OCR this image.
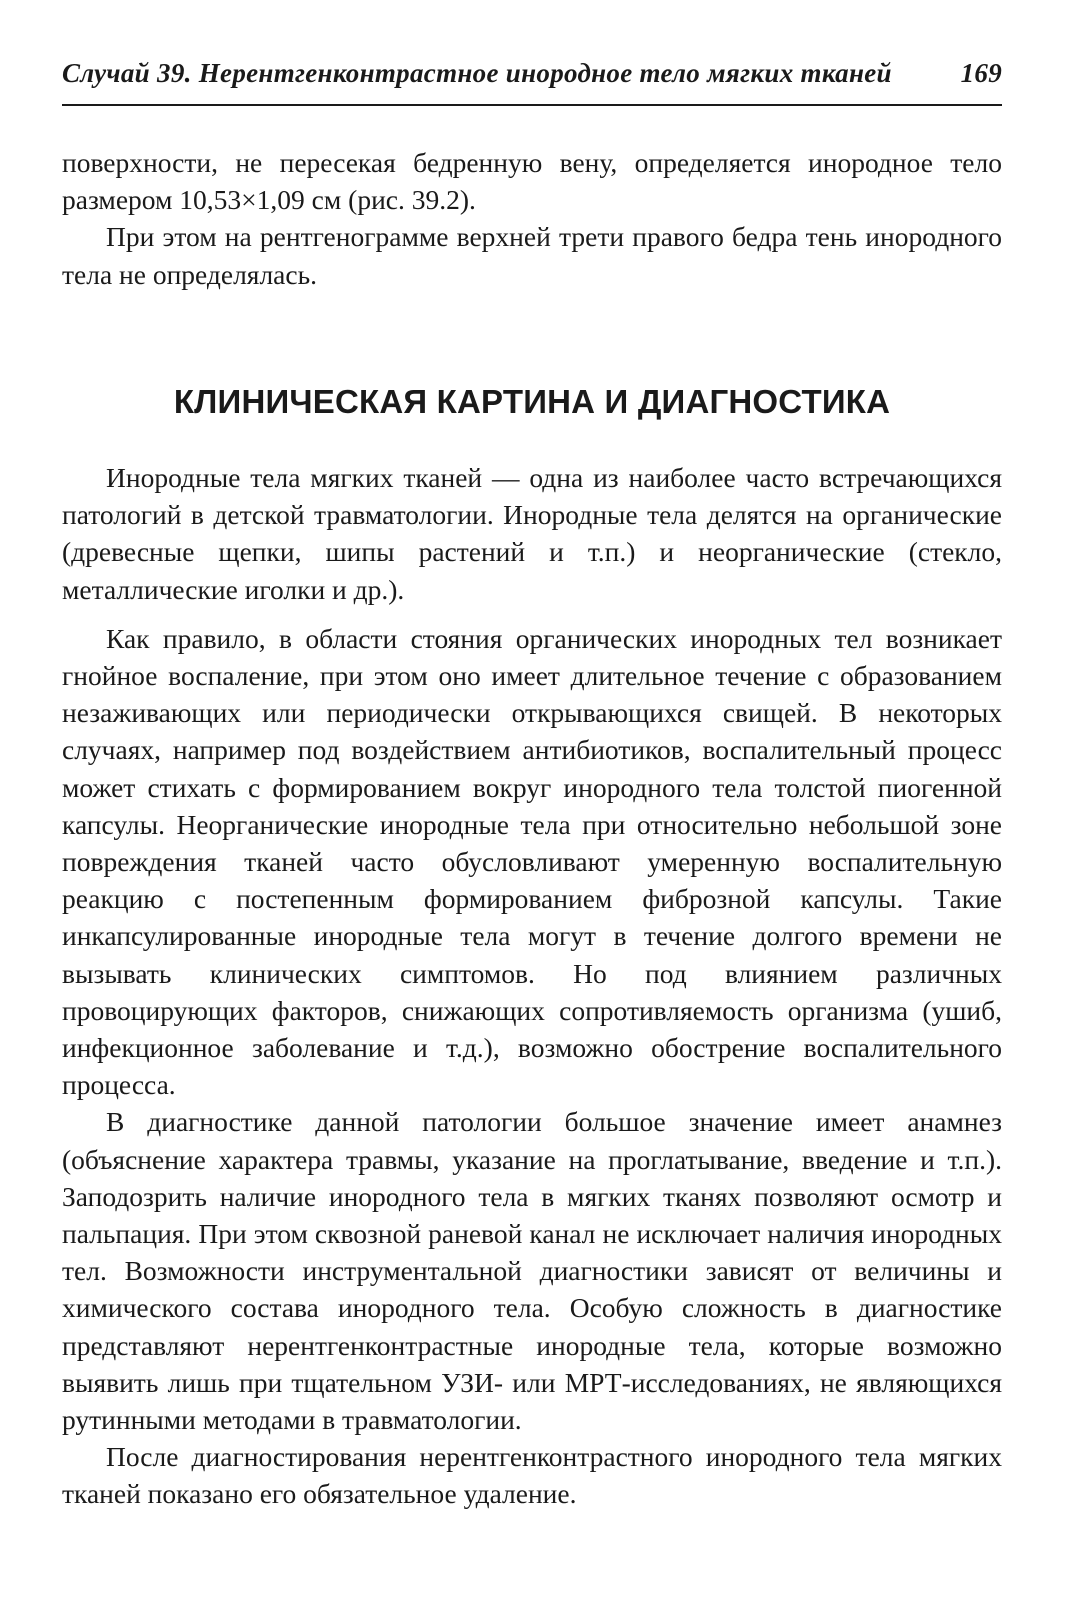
Случай 39. Нерентгенконтрастное инородное тело мягких тканей	169

поверхности, не пересекая бедренную вену, определяется инородное тело размером 10,53×1,09 см (рис. 39.2).

При этом на рентгенограмме верхней трети правого бедра тень инородного тела не определялась.

КЛИНИЧЕСКАЯ КАРТИНА И ДИАГНОСТИКА

Инородные тела мягких тканей — одна из наиболее часто встречающихся патологий в детской травматологии. Инородные тела делятся на органические (древесные щепки, шипы растений и т.п.) и неорганические (стекло, металлические иголки и др.).

Как правило, в области стояния органических инородных тел возникает гнойное воспаление, при этом оно имеет длительное течение с образованием незаживающих или периодически открывающихся свищей. В некоторых случаях, например под воздействием антибиотиков, воспалительный процесс может стихать с формированием вокруг инородного тела толстой пиогенной капсулы. Неорганические инородные тела при относительно небольшой зоне повреждения тканей часто обусловливают умеренную воспалительную реакцию с постепенным формированием фиброзной капсулы. Такие инкапсулированные инородные тела могут в течение долгого времени не вызывать клинических симптомов. Но под влиянием различных провоцирующих факторов, снижающих сопротивляемость организма (ушиб, инфекционное заболевание и т.д.), возможно обострение воспалительного процесса.

В диагностике данной патологии большое значение имеет анамнез (объяснение характера травмы, указание на проглатывание, введение и т.п.). Заподозрить наличие инородного тела в мягких тканях позволяют осмотр и пальпация. При этом сквозной раневой канал не исключает наличия инородных тел. Возможности инструментальной диагностики зависят от величины и химического состава инородного тела. Особую сложность в диагностике представляют нерентгенконтрастные инородные тела, которые возможно выявить лишь при тщательном УЗИ- или МРТ-исследованиях, не являющихся рутинными методами в травматологии.

После диагностирования нерентгенконтрастного инородного тела мягких тканей показано его обязательное удаление.
